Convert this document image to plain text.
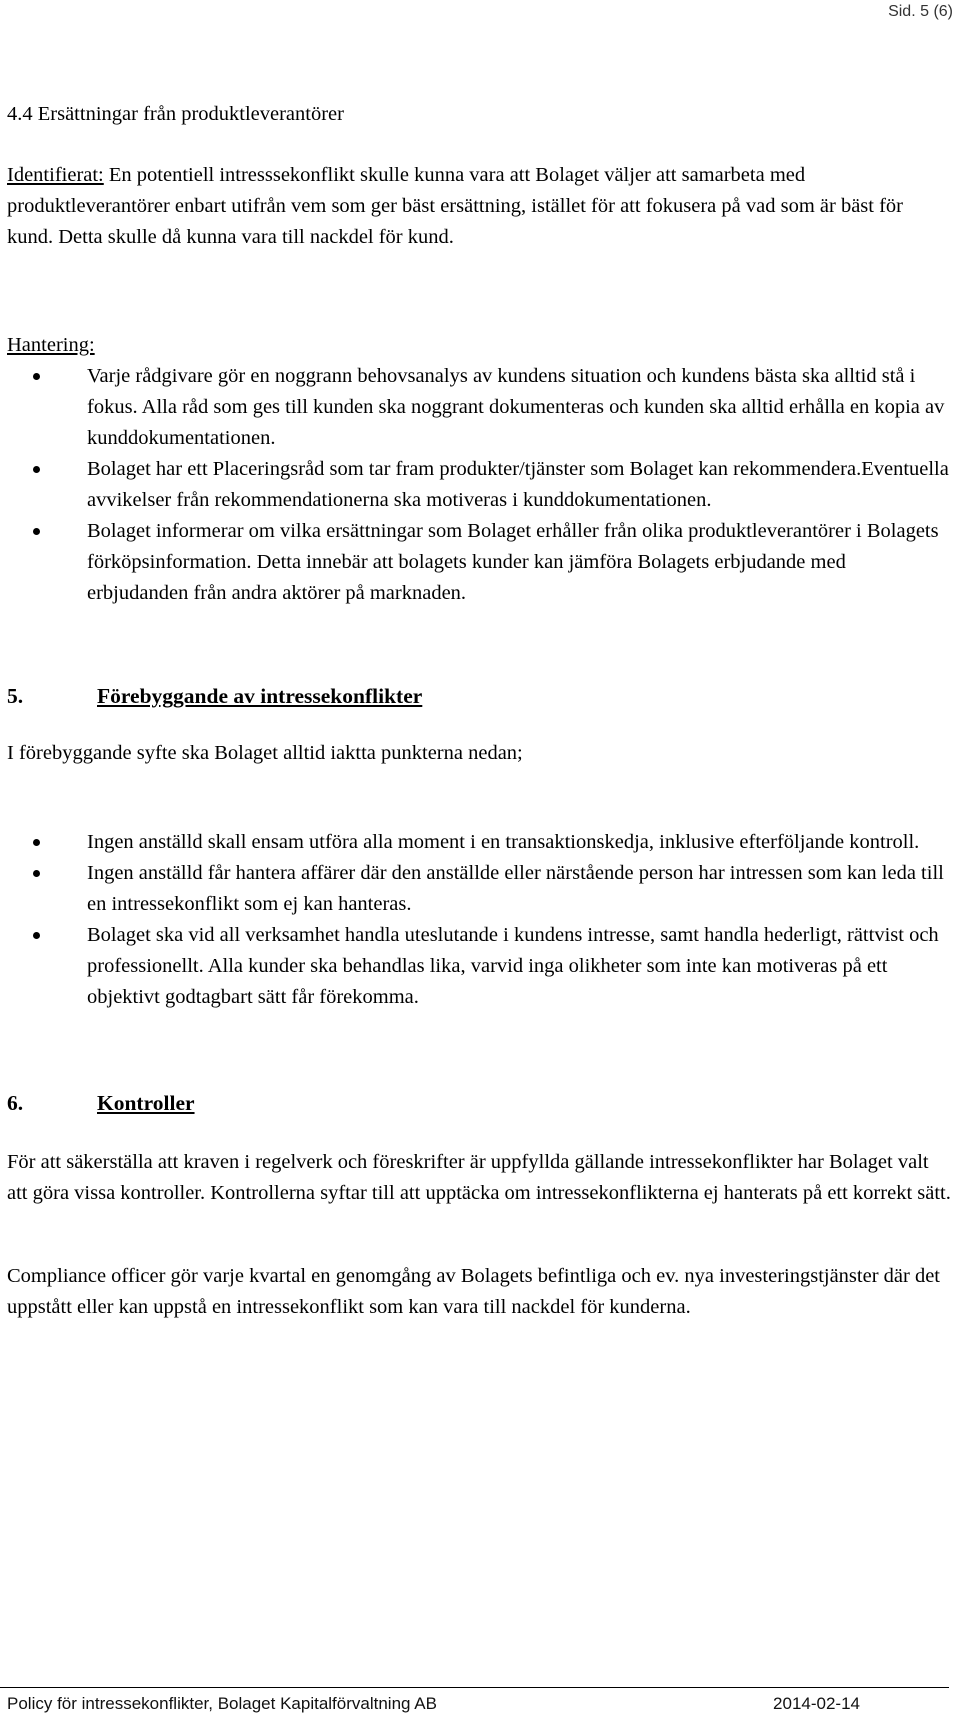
Sid. 5 (6)

4.4 Ersättningar från produktleverantörer

Identifierat: En potentiell intresssekonflikt skulle kunna vara att Bolaget väljer att samarbeta med produktleverantörer enbart utifrån vem som ger bäst ersättning, istället för att fokusera på vad som är bäst för kund. Detta skulle då kunna vara till nackdel för kund.

Hantering:

Varje rådgivare gör en noggrann behovsanalys av kundens situation och kundens bästa ska alltid stå i fokus. Alla råd som ges till kunden ska noggrant dokumenteras och kunden ska alltid erhålla en kopia av kunddokumentationen.
Bolaget har ett Placeringsråd som tar fram produkter/tjänster som Bolaget kan rekommendera.Eventuella avvikelser från rekommendationerna ska motiveras i kunddokumentationen.
Bolaget informerar om vilka ersättningar som Bolaget erhåller från olika produktleverantörer i Bolagets förköpsinformation. Detta innebär att bolagets kunder kan jämföra Bolagets erbjudande med erbjudanden från andra aktörer på marknaden.

5.	Förebyggande av intressekonflikter

I förebyggande syfte ska Bolaget alltid iaktta punkterna nedan;

Ingen anställd skall ensam utföra alla moment i en transaktionskedja, inklusive efterföljande kontroll.
Ingen anställd får hantera affärer där den anställde eller närstående person har intressen som kan leda till en intressekonflikt som ej kan hanteras.
Bolaget ska vid all verksamhet handla uteslutande i kundens intresse, samt handla hederligt, rättvist och professionellt. Alla kunder ska behandlas lika, varvid inga olikheter som inte kan motiveras på ett objektivt godtagbart sätt får förekomma.

6.	Kontroller

För att säkerställa att kraven i regelverk och föreskrifter är uppfyllda gällande intressekonflikter har Bolaget valt att göra vissa kontroller. Kontrollerna syftar till att upptäcka om intressekonflikterna ej hanterats på ett korrekt sätt.

Compliance officer gör varje kvartal en genomgång av Bolagets befintliga och ev. nya investeringstjänster där det uppstått eller kan uppstå en intressekonflikt som kan vara till nackdel för kunderna.

Policy för intressekonflikter, Bolaget Kapitalförvaltning AB	2014-02-14
